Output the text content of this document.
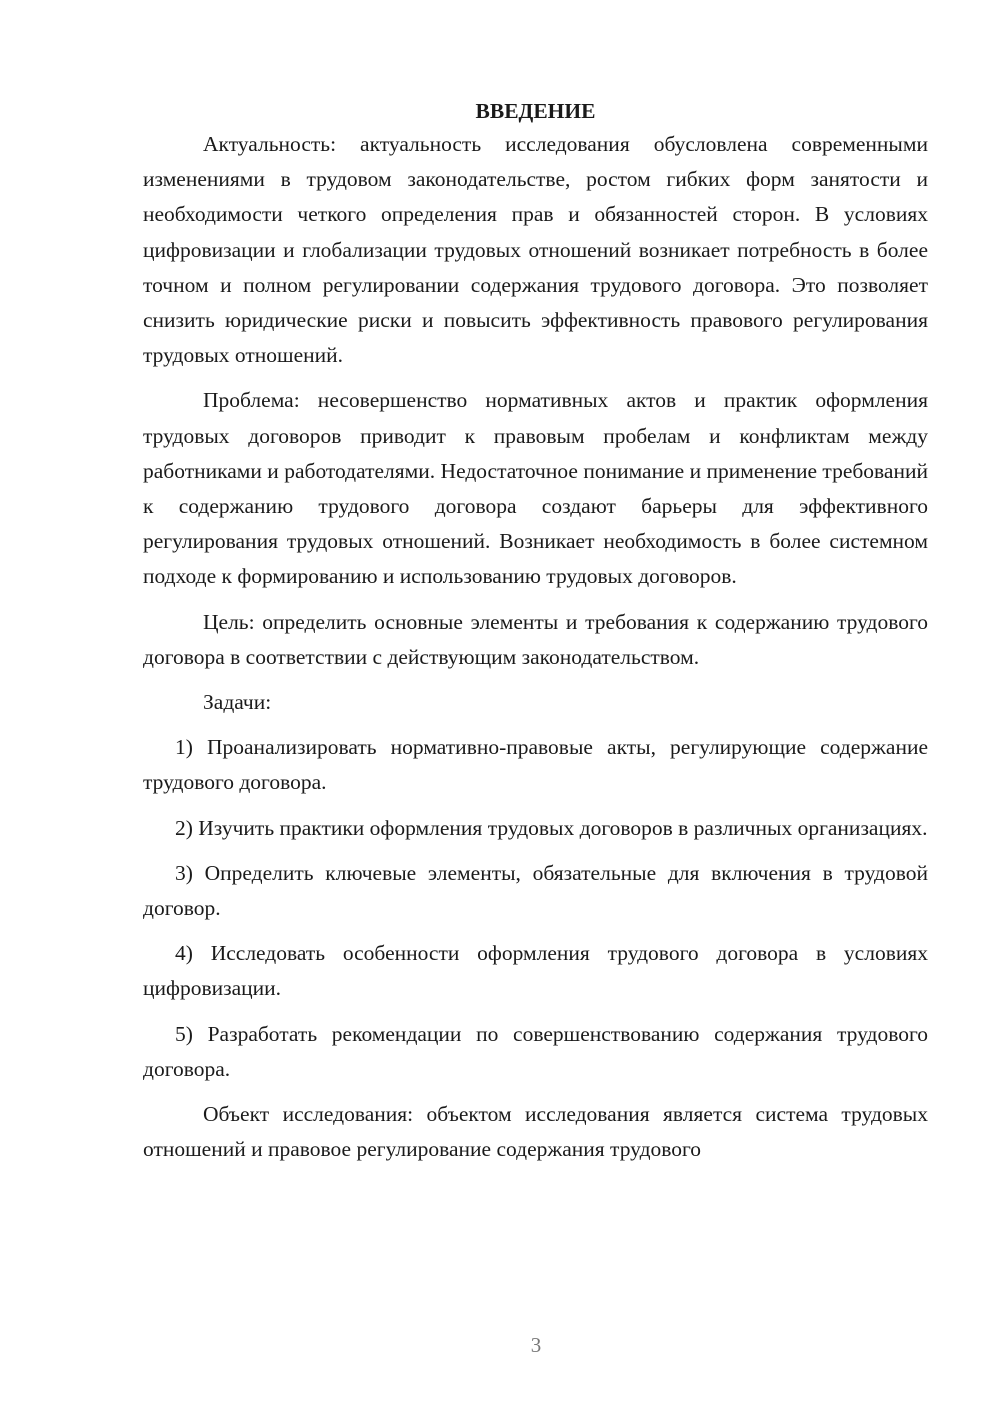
ВВЕДЕНИЕ

Актуальность: актуальность исследования обусловлена современными изменениями в трудовом законодательстве, ростом гибких форм занятости и необходимости четкого определения прав и обязанностей сторон. В условиях цифровизации и глобализации трудовых отношений возникает потребность в более точном и полном регулировании содержания трудового договора. Это позволяет снизить юридические риски и повысить эффективность правового регулирования трудовых отношений.

Проблема: несовершенство нормативных актов и практик оформления трудовых договоров приводит к правовым пробелам и конфликтам между работниками и работодателями. Недостаточное понимание и применение требований к содержанию трудового договора создают барьеры для эффективного регулирования трудовых отношений. Возникает необходимость в более системном подходе к формированию и использованию трудовых договоров.

Цель: определить основные элементы и требования к содержанию трудового договора в соответствии с действующим законодательством.

Задачи:

1) Проанализировать нормативно-правовые акты, регулирующие содержание трудового договора.

2) Изучить практики оформления трудовых договоров в различных организациях.

3) Определить ключевые элементы, обязательные для включения в трудовой договор.

4) Исследовать особенности оформления трудового договора в условиях цифровизации.

5) Разработать рекомендации по совершенствованию содержания трудового договора.

Объект исследования: объектом исследования является система трудовых отношений и правовое регулирование содержания трудового

3
